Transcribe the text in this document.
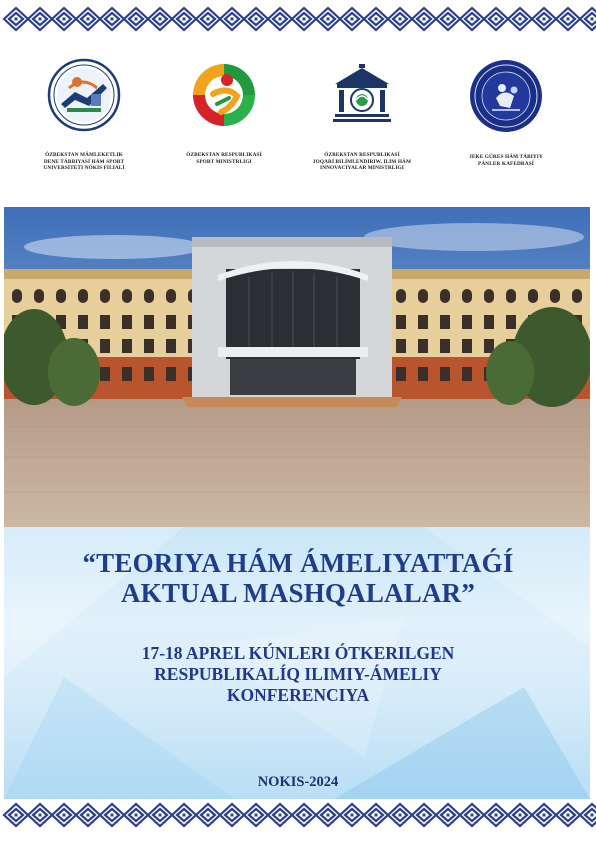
ÓZBEKSTAN MÁMLEKETLIK
DENE TÁRBIYASÍ HÁM SPORT
UNIVERSITETI NÓKIS FILIALÍ
ÓZBEKSTAN RESPUBLIKASÍ
SPORT MINISTRLIGI
ÓZBEKSTAN RESPUBLIKASÍ
JOQARÍ BILIMLENDIRIW, ILIM HÁM
INNOVACIYALAR MINISTRLIGI
JEKE GÚRES HÁM TÁBIYIY
PÁNLER KAFEDRASÍ
“TEORIYA HÁM ÁMELIYATTAǴÍ
AKTUAL MASHQALALAR”
17-18 APREL KÚNLERI ÓTKERILGEN
RESPUBLIKALÍQ ILIMIY-ÁMELIY
KONFERENCIYA
NOKIS-2024
